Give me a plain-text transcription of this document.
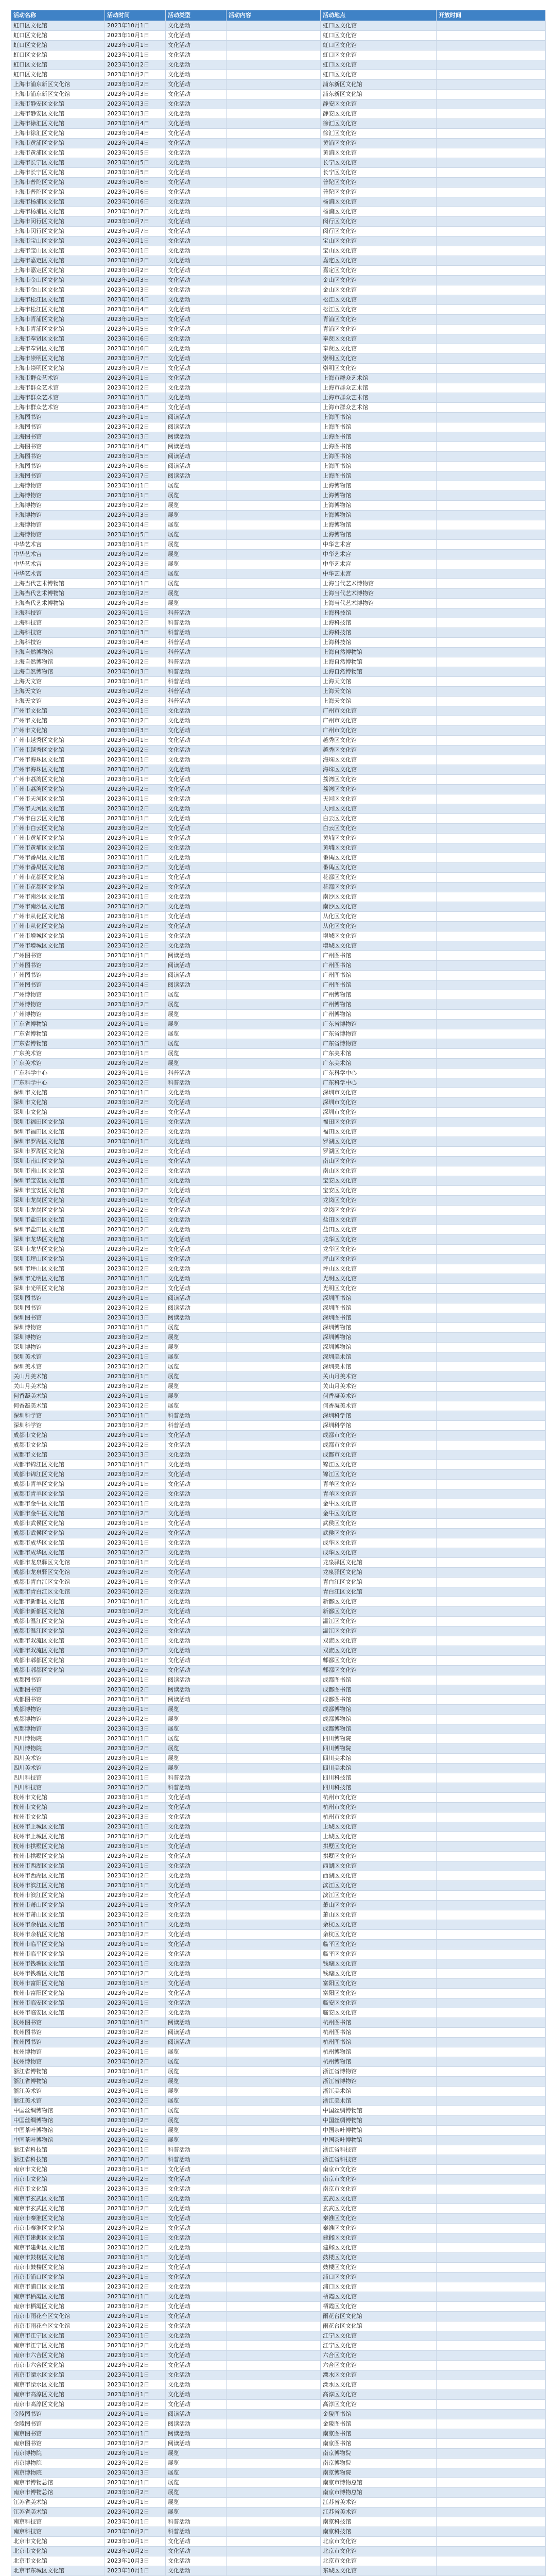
活动名称	活动时间	活动类型	活动内容	活动地点	开放时间
虹口区文化馆	2023年10月1日	文化活动		虹口区文化馆	
虹口区文化馆	2023年10月1日	文化活动		虹口区文化馆	
虹口区文化馆	2023年10月1日	文化活动		虹口区文化馆	
虹口区文化馆	2023年10月1日	文化活动		虹口区文化馆	
虹口区文化馆	2023年10月2日	文化活动		虹口区文化馆	
虹口区文化馆	2023年10月2日	文化活动		虹口区文化馆	
上海市浦东新区文化馆	2023年10月2日	文化活动		浦东新区文化馆	
上海市浦东新区文化馆	2023年10月3日	文化活动		浦东新区文化馆	
上海市静安区文化馆	2023年10月3日	文化活动		静安区文化馆	
上海市静安区文化馆	2023年10月3日	文化活动		静安区文化馆	
上海市徐汇区文化馆	2023年10月4日	文化活动		徐汇区文化馆	
上海市徐汇区文化馆	2023年10月4日	文化活动		徐汇区文化馆	
上海市黄浦区文化馆	2023年10月4日	文化活动		黄浦区文化馆	
上海市黄浦区文化馆	2023年10月5日	文化活动		黄浦区文化馆	
上海市长宁区文化馆	2023年10月5日	文化活动		长宁区文化馆	
上海市长宁区文化馆	2023年10月5日	文化活动		长宁区文化馆	
上海市普陀区文化馆	2023年10月6日	文化活动		普陀区文化馆	
上海市普陀区文化馆	2023年10月6日	文化活动		普陀区文化馆	
上海市杨浦区文化馆	2023年10月6日	文化活动		杨浦区文化馆	
上海市杨浦区文化馆	2023年10月7日	文化活动		杨浦区文化馆	
上海市闵行区文化馆	2023年10月7日	文化活动		闵行区文化馆	
上海市闵行区文化馆	2023年10月7日	文化活动		闵行区文化馆	
上海市宝山区文化馆	2023年10月1日	文化活动		宝山区文化馆	
上海市宝山区文化馆	2023年10月1日	文化活动		宝山区文化馆	
上海市嘉定区文化馆	2023年10月2日	文化活动		嘉定区文化馆	
上海市嘉定区文化馆	2023年10月2日	文化活动		嘉定区文化馆	
上海市金山区文化馆	2023年10月3日	文化活动		金山区文化馆	
上海市金山区文化馆	2023年10月3日	文化活动		金山区文化馆	
上海市松江区文化馆	2023年10月4日	文化活动		松江区文化馆	
上海市松江区文化馆	2023年10月4日	文化活动		松江区文化馆	
上海市青浦区文化馆	2023年10月5日	文化活动		青浦区文化馆	
上海市青浦区文化馆	2023年10月5日	文化活动		青浦区文化馆	
上海市奉贤区文化馆	2023年10月6日	文化活动		奉贤区文化馆	
上海市奉贤区文化馆	2023年10月6日	文化活动		奉贤区文化馆	
上海市崇明区文化馆	2023年10月7日	文化活动		崇明区文化馆	
上海市崇明区文化馆	2023年10月7日	文化活动		崇明区文化馆	
上海市群众艺术馆	2023年10月1日	文化活动		上海市群众艺术馆	
上海市群众艺术馆	2023年10月2日	文化活动		上海市群众艺术馆	
上海市群众艺术馆	2023年10月3日	文化活动		上海市群众艺术馆	
上海市群众艺术馆	2023年10月4日	文化活动		上海市群众艺术馆	
上海图书馆	2023年10月1日	阅读活动		上海图书馆	
上海图书馆	2023年10月2日	阅读活动		上海图书馆	
上海图书馆	2023年10月3日	阅读活动		上海图书馆	
上海图书馆	2023年10月4日	阅读活动		上海图书馆	
上海图书馆	2023年10月5日	阅读活动		上海图书馆	
上海图书馆	2023年10月6日	阅读活动		上海图书馆	
上海图书馆	2023年10月7日	阅读活动		上海图书馆	
上海博物馆	2023年10月1日	展览		上海博物馆	
上海博物馆	2023年10月1日	展览		上海博物馆	
上海博物馆	2023年10月2日	展览		上海博物馆	
上海博物馆	2023年10月3日	展览		上海博物馆	
上海博物馆	2023年10月4日	展览		上海博物馆	
上海博物馆	2023年10月5日	展览		上海博物馆	
中华艺术宫	2023年10月1日	展览		中华艺术宫	
中华艺术宫	2023年10月2日	展览		中华艺术宫	
中华艺术宫	2023年10月3日	展览		中华艺术宫	
中华艺术宫	2023年10月4日	展览		中华艺术宫	
上海当代艺术博物馆	2023年10月1日	展览		上海当代艺术博物馆	
上海当代艺术博物馆	2023年10月2日	展览		上海当代艺术博物馆	
上海当代艺术博物馆	2023年10月3日	展览		上海当代艺术博物馆	
上海科技馆	2023年10月1日	科普活动		上海科技馆	
上海科技馆	2023年10月2日	科普活动		上海科技馆	
上海科技馆	2023年10月3日	科普活动		上海科技馆	
上海科技馆	2023年10月4日	科普活动		上海科技馆	
上海自然博物馆	2023年10月1日	科普活动		上海自然博物馆	
上海自然博物馆	2023年10月2日	科普活动		上海自然博物馆	
上海自然博物馆	2023年10月3日	科普活动		上海自然博物馆	
上海天文馆	2023年10月1日	科普活动		上海天文馆	
上海天文馆	2023年10月2日	科普活动		上海天文馆	
上海天文馆	2023年10月3日	科普活动		上海天文馆	
广州市文化馆	2023年10月1日	文化活动		广州市文化馆	
广州市文化馆	2023年10月2日	文化活动		广州市文化馆	
广州市文化馆	2023年10月3日	文化活动		广州市文化馆	
广州市越秀区文化馆	2023年10月1日	文化活动		越秀区文化馆	
广州市越秀区文化馆	2023年10月2日	文化活动		越秀区文化馆	
广州市海珠区文化馆	2023年10月1日	文化活动		海珠区文化馆	
广州市海珠区文化馆	2023年10月2日	文化活动		海珠区文化馆	
广州市荔湾区文化馆	2023年10月1日	文化活动		荔湾区文化馆	
广州市荔湾区文化馆	2023年10月2日	文化活动		荔湾区文化馆	
广州市天河区文化馆	2023年10月1日	文化活动		天河区文化馆	
广州市天河区文化馆	2023年10月2日	文化活动		天河区文化馆	
广州市白云区文化馆	2023年10月1日	文化活动		白云区文化馆	
广州市白云区文化馆	2023年10月2日	文化活动		白云区文化馆	
广州市黄埔区文化馆	2023年10月1日	文化活动		黄埔区文化馆	
广州市黄埔区文化馆	2023年10月2日	文化活动		黄埔区文化馆	
广州市番禺区文化馆	2023年10月1日	文化活动		番禺区文化馆	
广州市番禺区文化馆	2023年10月2日	文化活动		番禺区文化馆	
广州市花都区文化馆	2023年10月1日	文化活动		花都区文化馆	
广州市花都区文化馆	2023年10月2日	文化活动		花都区文化馆	
广州市南沙区文化馆	2023年10月1日	文化活动		南沙区文化馆	
广州市南沙区文化馆	2023年10月2日	文化活动		南沙区文化馆	
广州市从化区文化馆	2023年10月1日	文化活动		从化区文化馆	
广州市从化区文化馆	2023年10月2日	文化活动		从化区文化馆	
广州市增城区文化馆	2023年10月1日	文化活动		增城区文化馆	
广州市增城区文化馆	2023年10月2日	文化活动		增城区文化馆	
广州图书馆	2023年10月1日	阅读活动		广州图书馆	
广州图书馆	2023年10月2日	阅读活动		广州图书馆	
广州图书馆	2023年10月3日	阅读活动		广州图书馆	
广州图书馆	2023年10月4日	阅读活动		广州图书馆	
广州博物馆	2023年10月1日	展览		广州博物馆	
广州博物馆	2023年10月2日	展览		广州博物馆	
广州博物馆	2023年10月3日	展览		广州博物馆	
广东省博物馆	2023年10月1日	展览		广东省博物馆	
广东省博物馆	2023年10月2日	展览		广东省博物馆	
广东省博物馆	2023年10月3日	展览		广东省博物馆	
广东美术馆	2023年10月1日	展览		广东美术馆	
广东美术馆	2023年10月2日	展览		广东美术馆	
广东科学中心	2023年10月1日	科普活动		广东科学中心	
广东科学中心	2023年10月2日	科普活动		广东科学中心	
深圳市文化馆	2023年10月1日	文化活动		深圳市文化馆	
深圳市文化馆	2023年10月2日	文化活动		深圳市文化馆	
深圳市文化馆	2023年10月3日	文化活动		深圳市文化馆	
深圳市福田区文化馆	2023年10月1日	文化活动		福田区文化馆	
深圳市福田区文化馆	2023年10月2日	文化活动		福田区文化馆	
深圳市罗湖区文化馆	2023年10月1日	文化活动		罗湖区文化馆	
深圳市罗湖区文化馆	2023年10月2日	文化活动		罗湖区文化馆	
深圳市南山区文化馆	2023年10月1日	文化活动		南山区文化馆	
深圳市南山区文化馆	2023年10月2日	文化活动		南山区文化馆	
深圳市宝安区文化馆	2023年10月1日	文化活动		宝安区文化馆	
深圳市宝安区文化馆	2023年10月2日	文化活动		宝安区文化馆	
深圳市龙岗区文化馆	2023年10月1日	文化活动		龙岗区文化馆	
深圳市龙岗区文化馆	2023年10月2日	文化活动		龙岗区文化馆	
深圳市盐田区文化馆	2023年10月1日	文化活动		盐田区文化馆	
深圳市盐田区文化馆	2023年10月2日	文化活动		盐田区文化馆	
深圳市龙华区文化馆	2023年10月1日	文化活动		龙华区文化馆	
深圳市龙华区文化馆	2023年10月2日	文化活动		龙华区文化馆	
深圳市坪山区文化馆	2023年10月1日	文化活动		坪山区文化馆	
深圳市坪山区文化馆	2023年10月2日	文化活动		坪山区文化馆	
深圳市光明区文化馆	2023年10月1日	文化活动		光明区文化馆	
深圳市光明区文化馆	2023年10月2日	文化活动		光明区文化馆	
深圳图书馆	2023年10月1日	阅读活动		深圳图书馆	
深圳图书馆	2023年10月2日	阅读活动		深圳图书馆	
深圳图书馆	2023年10月3日	阅读活动		深圳图书馆	
深圳博物馆	2023年10月1日	展览		深圳博物馆	
深圳博物馆	2023年10月2日	展览		深圳博物馆	
深圳博物馆	2023年10月3日	展览		深圳博物馆	
深圳美术馆	2023年10月1日	展览		深圳美术馆	
深圳美术馆	2023年10月2日	展览		深圳美术馆	
关山月美术馆	2023年10月1日	展览		关山月美术馆	
关山月美术馆	2023年10月2日	展览		关山月美术馆	
何香凝美术馆	2023年10月1日	展览		何香凝美术馆	
何香凝美术馆	2023年10月2日	展览		何香凝美术馆	
深圳科学馆	2023年10月1日	科普活动		深圳科学馆	
深圳科学馆	2023年10月2日	科普活动		深圳科学馆	
成都市文化馆	2023年10月1日	文化活动		成都市文化馆	
成都市文化馆	2023年10月2日	文化活动		成都市文化馆	
成都市文化馆	2023年10月3日	文化活动		成都市文化馆	
成都市锦江区文化馆	2023年10月1日	文化活动		锦江区文化馆	
成都市锦江区文化馆	2023年10月2日	文化活动		锦江区文化馆	
成都市青羊区文化馆	2023年10月1日	文化活动		青羊区文化馆	
成都市青羊区文化馆	2023年10月2日	文化活动		青羊区文化馆	
成都市金牛区文化馆	2023年10月1日	文化活动		金牛区文化馆	
成都市金牛区文化馆	2023年10月2日	文化活动		金牛区文化馆	
成都市武侯区文化馆	2023年10月1日	文化活动		武侯区文化馆	
成都市武侯区文化馆	2023年10月2日	文化活动		武侯区文化馆	
成都市成华区文化馆	2023年10月1日	文化活动		成华区文化馆	
成都市成华区文化馆	2023年10月2日	文化活动		成华区文化馆	
成都市龙泉驿区文化馆	2023年10月1日	文化活动		龙泉驿区文化馆	
成都市龙泉驿区文化馆	2023年10月2日	文化活动		龙泉驿区文化馆	
成都市青白江区文化馆	2023年10月1日	文化活动		青白江区文化馆	
成都市青白江区文化馆	2023年10月2日	文化活动		青白江区文化馆	
成都市新都区文化馆	2023年10月1日	文化活动		新都区文化馆	
成都市新都区文化馆	2023年10月2日	文化活动		新都区文化馆	
成都市温江区文化馆	2023年10月1日	文化活动		温江区文化馆	
成都市温江区文化馆	2023年10月2日	文化活动		温江区文化馆	
成都市双流区文化馆	2023年10月1日	文化活动		双流区文化馆	
成都市双流区文化馆	2023年10月2日	文化活动		双流区文化馆	
成都市郫都区文化馆	2023年10月1日	文化活动		郫都区文化馆	
成都市郫都区文化馆	2023年10月2日	文化活动		郫都区文化馆	
成都图书馆	2023年10月1日	阅读活动		成都图书馆	
成都图书馆	2023年10月2日	阅读活动		成都图书馆	
成都图书馆	2023年10月3日	阅读活动		成都图书馆	
成都博物馆	2023年10月1日	展览		成都博物馆	
成都博物馆	2023年10月2日	展览		成都博物馆	
成都博物馆	2023年10月3日	展览		成都博物馆	
四川博物院	2023年10月1日	展览		四川博物院	
四川博物院	2023年10月2日	展览		四川博物院	
四川美术馆	2023年10月1日	展览		四川美术馆	
四川美术馆	2023年10月2日	展览		四川美术馆	
四川科技馆	2023年10月1日	科普活动		四川科技馆	
四川科技馆	2023年10月2日	科普活动		四川科技馆	
杭州市文化馆	2023年10月1日	文化活动		杭州市文化馆	
杭州市文化馆	2023年10月2日	文化活动		杭州市文化馆	
杭州市文化馆	2023年10月3日	文化活动		杭州市文化馆	
杭州市上城区文化馆	2023年10月1日	文化活动		上城区文化馆	
杭州市上城区文化馆	2023年10月2日	文化活动		上城区文化馆	
杭州市拱墅区文化馆	2023年10月1日	文化活动		拱墅区文化馆	
杭州市拱墅区文化馆	2023年10月2日	文化活动		拱墅区文化馆	
杭州市西湖区文化馆	2023年10月1日	文化活动		西湖区文化馆	
杭州市西湖区文化馆	2023年10月2日	文化活动		西湖区文化馆	
杭州市滨江区文化馆	2023年10月1日	文化活动		滨江区文化馆	
杭州市滨江区文化馆	2023年10月2日	文化活动		滨江区文化馆	
杭州市萧山区文化馆	2023年10月1日	文化活动		萧山区文化馆	
杭州市萧山区文化馆	2023年10月2日	文化活动		萧山区文化馆	
杭州市余杭区文化馆	2023年10月1日	文化活动		余杭区文化馆	
杭州市余杭区文化馆	2023年10月2日	文化活动		余杭区文化馆	
杭州市临平区文化馆	2023年10月1日	文化活动		临平区文化馆	
杭州市临平区文化馆	2023年10月2日	文化活动		临平区文化馆	
杭州市钱塘区文化馆	2023年10月1日	文化活动		钱塘区文化馆	
杭州市钱塘区文化馆	2023年10月2日	文化活动		钱塘区文化馆	
杭州市富阳区文化馆	2023年10月1日	文化活动		富阳区文化馆	
杭州市富阳区文化馆	2023年10月2日	文化活动		富阳区文化馆	
杭州市临安区文化馆	2023年10月1日	文化活动		临安区文化馆	
杭州市临安区文化馆	2023年10月2日	文化活动		临安区文化馆	
杭州图书馆	2023年10月1日	阅读活动		杭州图书馆	
杭州图书馆	2023年10月2日	阅读活动		杭州图书馆	
杭州图书馆	2023年10月3日	阅读活动		杭州图书馆	
杭州博物馆	2023年10月1日	展览		杭州博物馆	
杭州博物馆	2023年10月2日	展览		杭州博物馆	
浙江省博物馆	2023年10月1日	展览		浙江省博物馆	
浙江省博物馆	2023年10月2日	展览		浙江省博物馆	
浙江美术馆	2023年10月1日	展览		浙江美术馆	
浙江美术馆	2023年10月2日	展览		浙江美术馆	
中国丝绸博物馆	2023年10月1日	展览		中国丝绸博物馆	
中国丝绸博物馆	2023年10月2日	展览		中国丝绸博物馆	
中国茶叶博物馆	2023年10月1日	展览		中国茶叶博物馆	
中国茶叶博物馆	2023年10月2日	展览		中国茶叶博物馆	
浙江省科技馆	2023年10月1日	科普活动		浙江省科技馆	
浙江省科技馆	2023年10月2日	科普活动		浙江省科技馆	
南京市文化馆	2023年10月1日	文化活动		南京市文化馆	
南京市文化馆	2023年10月2日	文化活动		南京市文化馆	
南京市文化馆	2023年10月3日	文化活动		南京市文化馆	
南京市玄武区文化馆	2023年10月1日	文化活动		玄武区文化馆	
南京市玄武区文化馆	2023年10月2日	文化活动		玄武区文化馆	
南京市秦淮区文化馆	2023年10月1日	文化活动		秦淮区文化馆	
南京市秦淮区文化馆	2023年10月2日	文化活动		秦淮区文化馆	
南京市建邺区文化馆	2023年10月1日	文化活动		建邺区文化馆	
南京市建邺区文化馆	2023年10月2日	文化活动		建邺区文化馆	
南京市鼓楼区文化馆	2023年10月1日	文化活动		鼓楼区文化馆	
南京市鼓楼区文化馆	2023年10月2日	文化活动		鼓楼区文化馆	
南京市浦口区文化馆	2023年10月1日	文化活动		浦口区文化馆	
南京市浦口区文化馆	2023年10月2日	文化活动		浦口区文化馆	
南京市栖霞区文化馆	2023年10月1日	文化活动		栖霞区文化馆	
南京市栖霞区文化馆	2023年10月2日	文化活动		栖霞区文化馆	
南京市雨花台区文化馆	2023年10月1日	文化活动		雨花台区文化馆	
南京市雨花台区文化馆	2023年10月2日	文化活动		雨花台区文化馆	
南京市江宁区文化馆	2023年10月1日	文化活动		江宁区文化馆	
南京市江宁区文化馆	2023年10月2日	文化活动		江宁区文化馆	
南京市六合区文化馆	2023年10月1日	文化活动		六合区文化馆	
南京市六合区文化馆	2023年10月2日	文化活动		六合区文化馆	
南京市溧水区文化馆	2023年10月1日	文化活动		溧水区文化馆	
南京市溧水区文化馆	2023年10月2日	文化活动		溧水区文化馆	
南京市高淳区文化馆	2023年10月1日	文化活动		高淳区文化馆	
南京市高淳区文化馆	2023年10月2日	文化活动		高淳区文化馆	
金陵图书馆	2023年10月1日	阅读活动		金陵图书馆	
金陵图书馆	2023年10月2日	阅读活动		金陵图书馆	
南京图书馆	2023年10月1日	阅读活动		南京图书馆	
南京图书馆	2023年10月2日	阅读活动		南京图书馆	
南京博物院	2023年10月1日	展览		南京博物院	
南京博物院	2023年10月2日	展览		南京博物院	
南京博物院	2023年10月3日	展览		南京博物院	
南京市博物总馆	2023年10月1日	展览		南京市博物总馆	
南京市博物总馆	2023年10月2日	展览		南京市博物总馆	
江苏省美术馆	2023年10月1日	展览		江苏省美术馆	
江苏省美术馆	2023年10月2日	展览		江苏省美术馆	
南京科技馆	2023年10月1日	科普活动		南京科技馆	
南京科技馆	2023年10月2日	科普活动		南京科技馆	
北京市文化馆	2023年10月1日	文化活动		北京市文化馆	
北京市文化馆	2023年10月2日	文化活动		北京市文化馆	
北京市文化馆	2023年10月3日	文化活动		北京市文化馆	
北京市东城区文化馆	2023年10月1日	文化活动		东城区文化馆	
